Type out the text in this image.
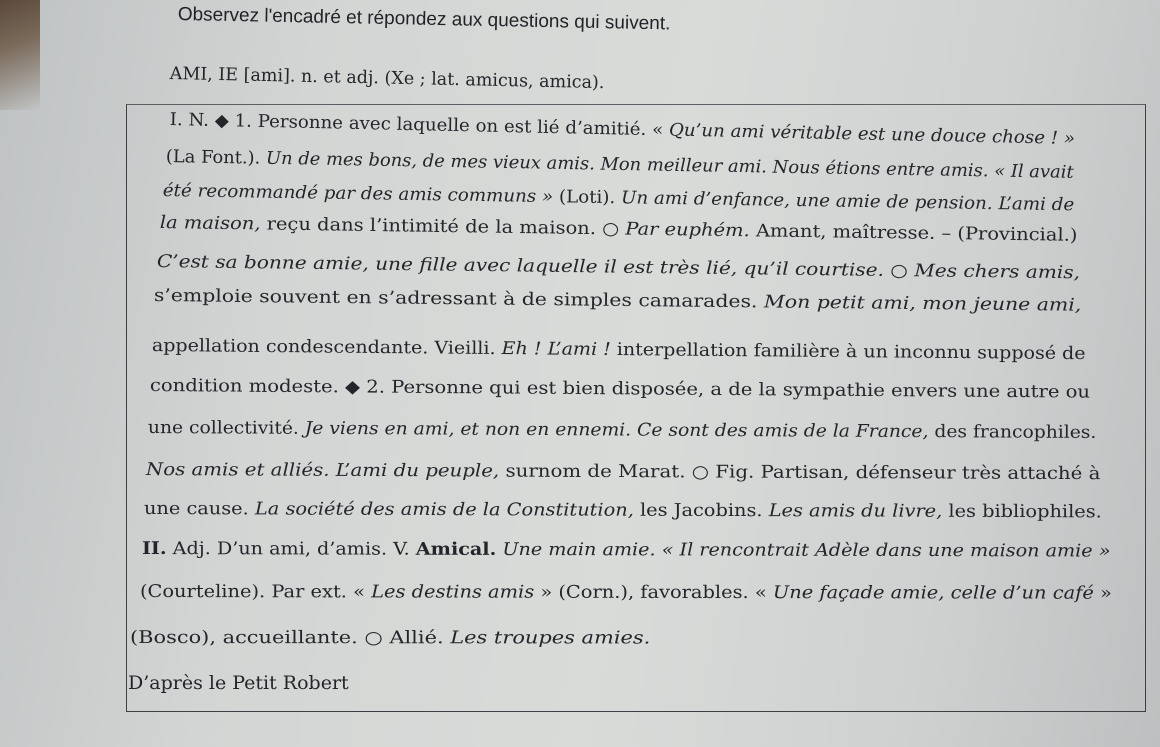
Observez l'encadré et répondez aux questions qui suivent.
AMI, IE [ami]. n. et adj. (Xe ; lat. amicus, amica).
I. N. ◆ 1. Personne avec laquelle on est lié d’amitié. « Qu’un ami véritable est une douce chose ! »
(La Font.). Un de mes bons, de mes vieux amis. Mon meilleur ami. Nous étions entre amis. « Il avait
été recommandé par des amis communs » (Loti). Un ami d’enfance, une amie de pension. L’ami de
la maison, reçu dans l’intimité de la maison. ○ Par euphém. Amant, maîtresse. – (Provincial.)
C’est sa bonne amie, une fille avec laquelle il est très lié, qu’il courtise. ○ Mes chers amis,
s’emploie souvent en s’adressant à de simples camarades. Mon petit ami, mon jeune ami,
appellation condescendante. Vieilli. Eh ! L’ami ! interpellation familière à un inconnu supposé de
condition modeste. ◆ 2. Personne qui est bien disposée, a de la sympathie envers une autre ou
une collectivité. Je viens en ami, et non en ennemi. Ce sont des amis de la France, des francophiles.
Nos amis et alliés. L’ami du peuple, surnom de Marat. ○ Fig. Partisan, défenseur très attaché à
une cause. La société des amis de la Constitution, les Jacobins. Les amis du livre, les bibliophiles.
II. Adj. D’un ami, d’amis. V. Amical. Une main amie. « Il rencontrait Adèle dans une maison amie »
(Courteline). Par ext. « Les destins amis » (Corn.), favorables. « Une façade amie, celle d’un café »
(Bosco), accueillante. ○ Allié. Les troupes amies.
D’après le Petit Robert
